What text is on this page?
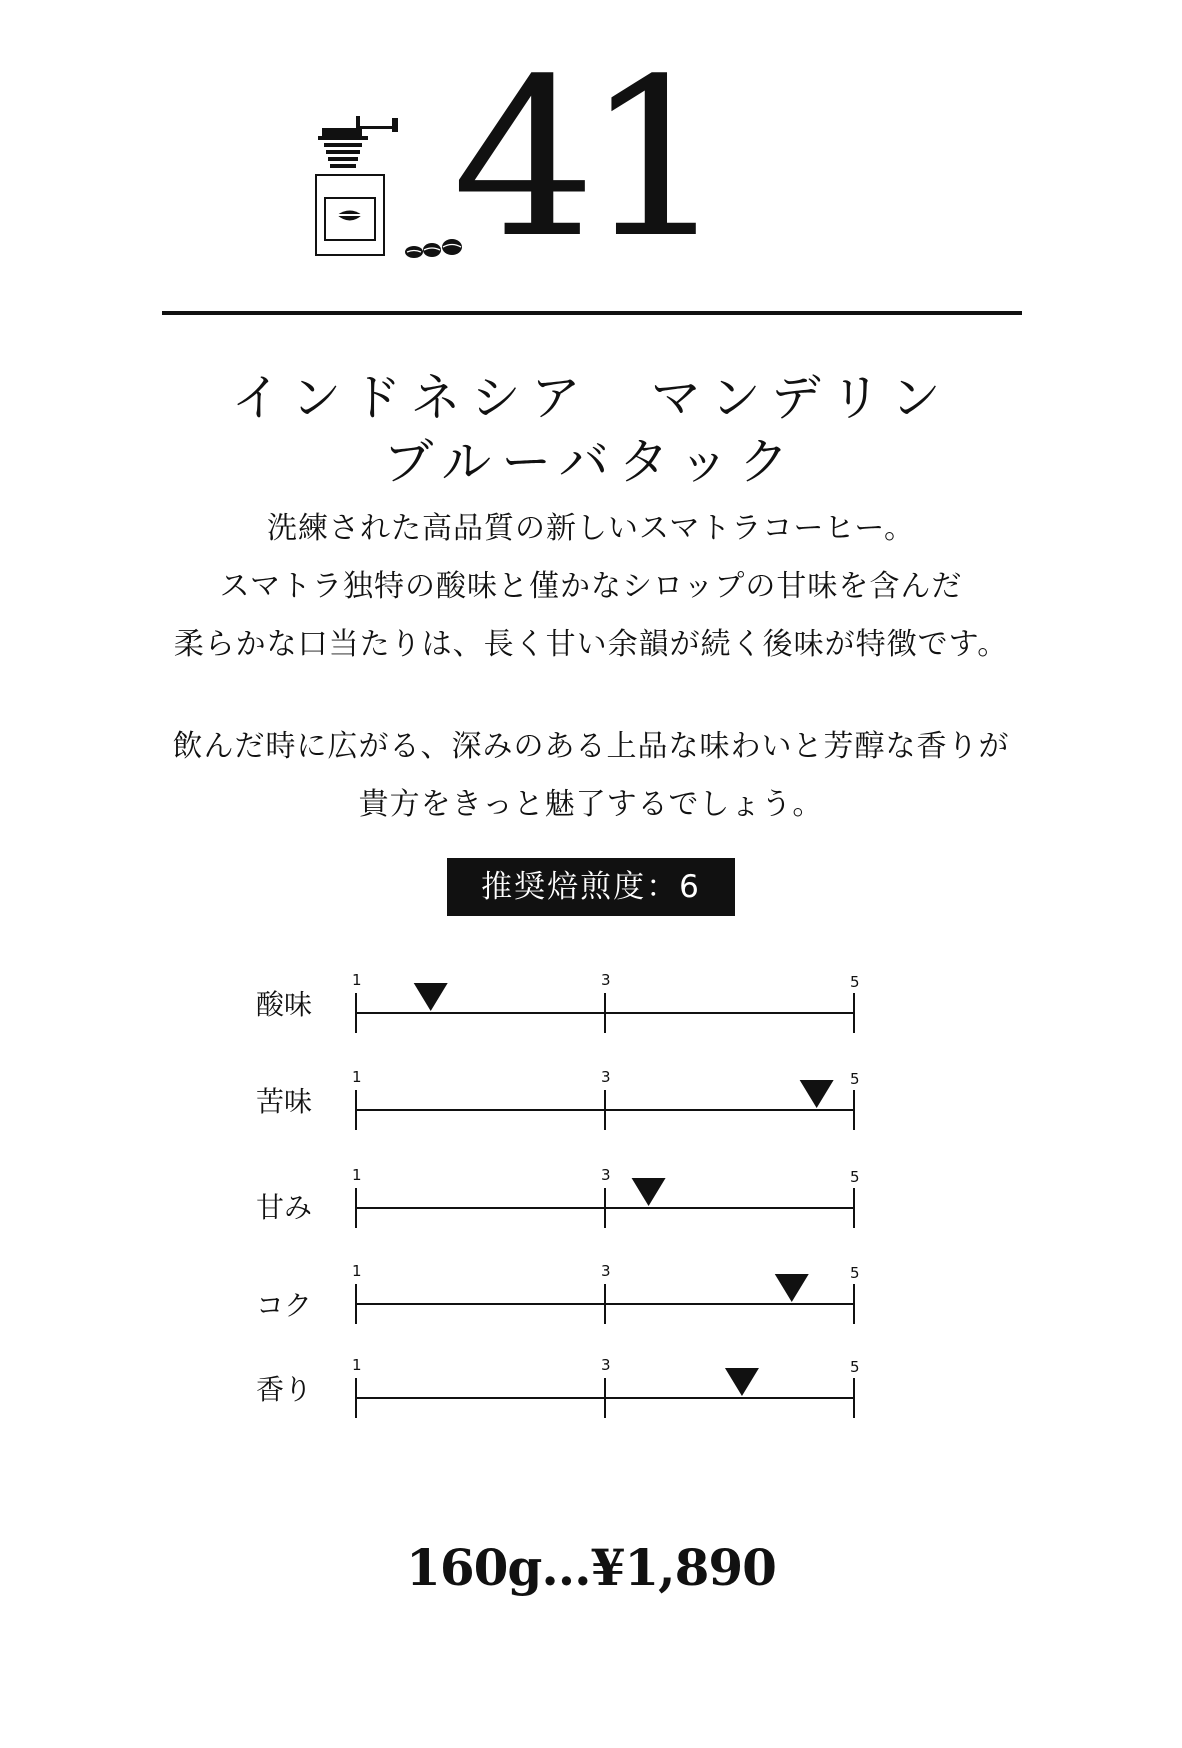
41
インドネシア　マンデリン
ブルーバタック
洗練された高品質の新しいスマトラコーヒー。
スマトラ独特の酸味と僅かなシロップの甘味を含んだ
柔らかな口当たりは、長く甘い余韻が続く後味が特徴です。
飲んだ時に広がる、深みのある上品な味わいと芳醇な香りが
貴方をきっと魅了するでしょう。
推奨焙煎度：6
酸味
1	3	5
苦味
1	3	5
甘み
1	3	5
コク
1	3	5
香り
1	3	5
160g...¥1,890
